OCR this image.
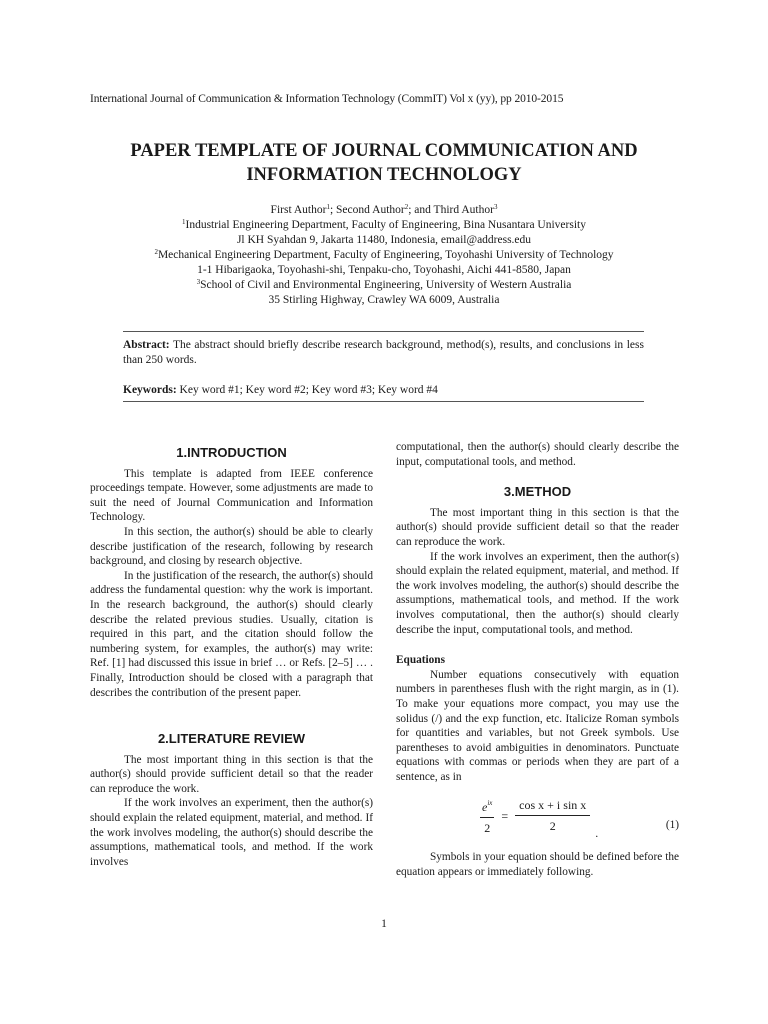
International Journal of Communication & Information Technology (CommIT) Vol x (yy), pp 2010-2015
PAPER TEMPLATE OF JOURNAL COMMUNICATION AND
INFORMATION TECHNOLOGY
First Author$^1$; Second Author$^2$; and Third Author$^3$
$^1$Industrial Engineering Department, Faculty of Engineering, Bina Nusantara University
Jl KH Syahdan 9, Jakarta 11480, Indonesia, email@address.edu
$^2$Mechanical Engineering Department, Faculty of Engineering, Toyohashi University of Technology
1-1 Hibarigaoka, Toyohashi-shi, Tenpaku-cho, Toyohashi, Aichi 441-8580, Japan
$^3$School of Civil and Environmental Engineering, University of Western Australia
35 Stirling Highway, Crawley WA 6009, Australia
Abstract: The abstract should briefly describe research background, method(s), results, and conclusions in less than 250 words.
Keywords: Key word #1; Key word #2; Key word #3; Key word #4
1.INTRODUCTION

This template is adapted from IEEE conference proceedings tempate. However, some adjustments are made to suit the need of Journal Communication and Information Technology.

In this section, the author(s) should be able to clearly describe justification of the research, following by research background, and closing by research objective.

In the justification of the research, the author(s) should address the fundamental question: why the work is important. In the research background, the author(s) should clearly describe the related previous studies. Usually, citation is required in this part, and the citation should follow the numbering system, for examples, the author(s) may write: Ref. [1] had discussed this issue in brief … or Refs. [2–5] … . Finally, Introduction should be closed with a paragraph that describes the contribution of the present paper.

2.LITERATURE REVIEW

The most important thing in this section is that the author(s) should provide sufficient detail so that the reader can reproduce the work.

If the work involves an experiment, then the author(s) should explain the related equipment, material, and method. If the work involves modeling, the author(s) should describe the assumptions, mathematical tools, and method. If the work involves

computational, then the author(s) should clearly describe the input, computational tools, and method.

3.METHOD

The most important thing in this section is that the author(s) should provide sufficient detail so that the reader can reproduce the work.

If the work involves an experiment, then the author(s) should explain the related equipment, material, and method. If the work involves modeling, the author(s) should describe the assumptions, mathematical tools, and method. If the work involves computational, then the author(s) should clearly describe the input, computational tools, and method.

Equations

Number equations consecutively with equation numbers in parentheses flush with the right margin, as in (1). To make your equations more compact, you may use the solidus (/) and the exp function, etc. Italicize Roman symbols for quantities and variables, but not Greek symbols. Use parentheses to avoid ambiguities in denominators. Punctuate equations with commas or periods when they are part of a sentence, as in

$\frac{e^{ix}}{2} = \frac{\text{cos x + i sin x}}{2}$ .
(1)

Symbols in your equation should be defined before the equation appears or immediately following.

1
